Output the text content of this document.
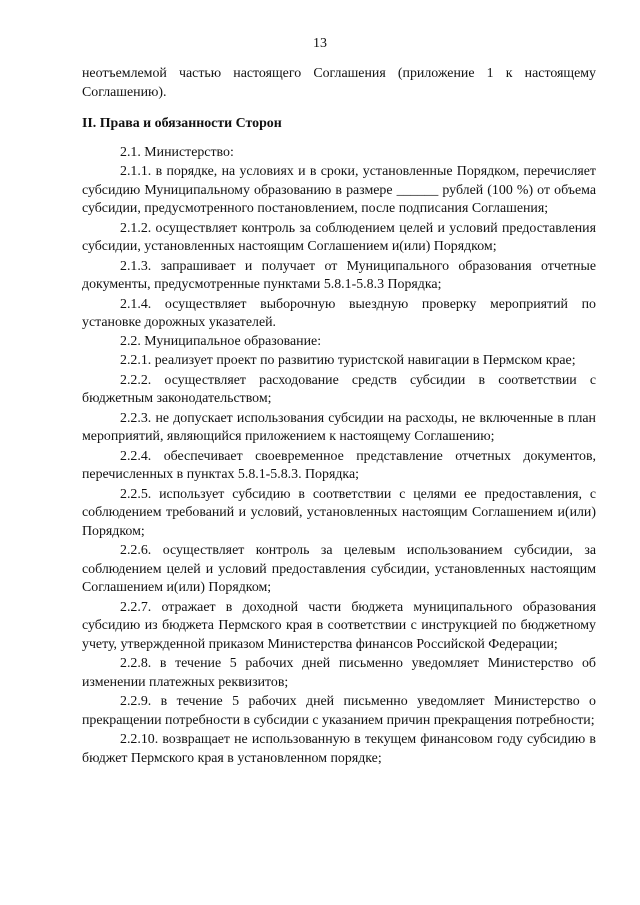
13

неотъемлемой частью настоящего Соглашения (приложение 1 к настоящему Соглашению).

II. Права и обязанности Сторон

2.1. Министерство:

2.1.1. в порядке, на условиях и в сроки, установленные Порядком, перечисляет субсидию Муниципальному образованию в размере ______ рублей (100 %) от объема субсидии, предусмотренного постановлением, после подписания Соглашения;

2.1.2. осуществляет контроль за соблюдением целей и условий предоставления субсидии, установленных настоящим Соглашением и(или) Порядком;

2.1.3. запрашивает и получает от Муниципального образования отчетные документы, предусмотренные пунктами 5.8.1-5.8.3 Порядка;

2.1.4. осуществляет выборочную выездную проверку мероприятий по установке дорожных указателей.

2.2. Муниципальное образование:

2.2.1. реализует проект по развитию туристской навигации в Пермском крае;

2.2.2. осуществляет расходование средств субсидии в соответствии с бюджетным законодательством;

2.2.3. не допускает использования субсидии на расходы, не включенные в план мероприятий, являющийся приложением к настоящему Соглашению;

2.2.4. обеспечивает своевременное представление отчетных документов, перечисленных в пунктах 5.8.1-5.8.3. Порядка;

2.2.5. использует субсидию в соответствии с целями ее предоставления, с соблюдением требований и условий, установленных настоящим Соглашением и(или) Порядком;

2.2.6. осуществляет контроль за целевым использованием субсидии, за соблюдением целей и условий предоставления субсидии, установленных настоящим Соглашением и(или) Порядком;

2.2.7. отражает в доходной части бюджета муниципального образования субсидию из бюджета Пермского края в соответствии с инструкцией по бюджетному учету, утвержденной приказом Министерства финансов Российской Федерации;

2.2.8. в течение 5 рабочих дней письменно уведомляет Министерство об изменении платежных реквизитов;

2.2.9. в течение 5 рабочих дней письменно уведомляет Министерство о прекращении потребности в субсидии с указанием причин прекращения потребности;

2.2.10. возвращает не использованную в текущем финансовом году субсидию в бюджет Пермского края в установленном порядке;
